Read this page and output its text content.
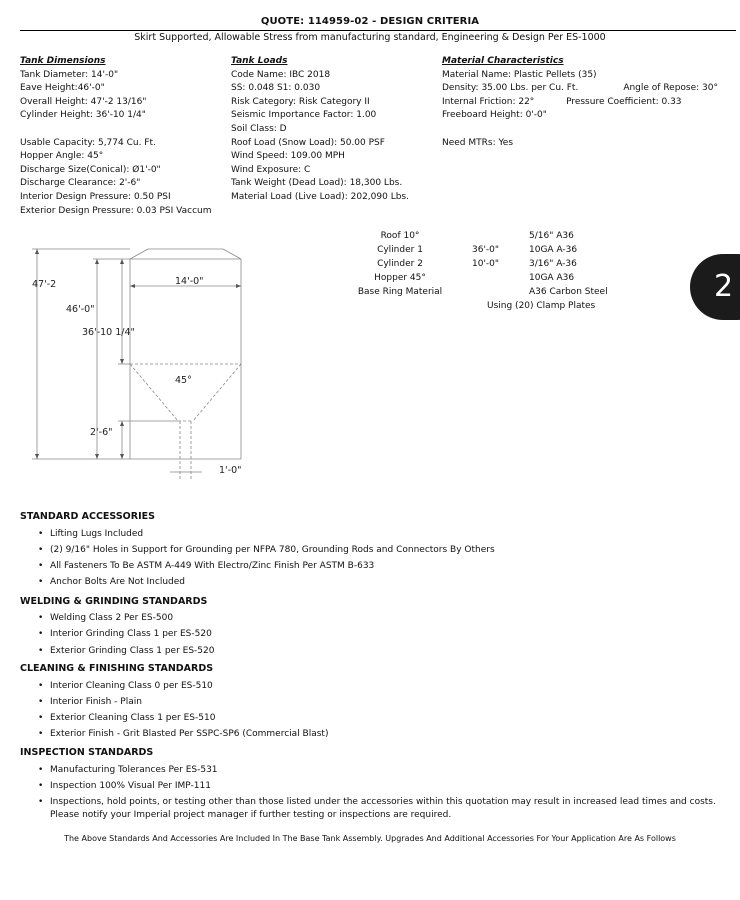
QUOTE: 114959-02 - DESIGN CRITERIA
Skirt Supported, Allowable Stress from manufacturing standard, Engineering & Design Per ES-1000
Tank Dimensions
Tank Diameter: 14'-0"
Eave Height:46'-0"
Overall Height: 47'-2 13/16"
Cylinder Height: 36'-10 1/4"
Usable Capacity: 5,774 Cu. Ft.
Hopper Angle: 45°
Discharge Size(Conical): Ø1'-0"
Discharge Clearance: 2'-6"
Interior Design Pressure: 0.50 PSI
Exterior Design Pressure: 0.03 PSI Vaccum
Tank Loads
Code Name: IBC 2018
SS: 0.048 S1: 0.030
Risk Category: Risk Category II
Seismic Importance Factor: 1.00
Soil Class: D
Roof Load (Snow Load): 50.00 PSF
Wind Speed: 109.00 MPH
Wind Exposure: C
Tank Weight (Dead Load): 18,300 Lbs.
Material Load (Live Load): 202,090 Lbs.
Material Characteristics
Material Name: Plastic Pellets (35)
Density: 35.00 Lbs. per Cu. Ft.	Angle of Repose: 30°
Internal Friction: 22°	Pressure Coefficient: 0.33
Freeboard Height: 0'-0"
Need MTRs: Yes
Roof 10°	5/16" A36
Cylinder 1	36'-0"	10GA A-36
Cylinder 2	10'-0"	3/16" A-36
Hopper 45°	10GA A36
Base Ring Material	A36 Carbon Steel
Using (20) Clamp Plates
2
47'-2
46'-0"
36'-10 1/4"
14'-0"
45°
2'-6"
1'-0"
STANDARD ACCESSORIES
• Lifting Lugs Included
• (2) 9/16" Holes in Support for Grounding per NFPA 780, Grounding Rods and Connectors By Others
• All Fasteners To Be ASTM A-449 With Electro/Zinc Finish Per ASTM B-633
• Anchor Bolts Are Not Included
WELDING & GRINDING STANDARDS
• Welding Class 2 Per ES-500
• Interior Grinding Class 1 per ES-520
• Exterior Grinding Class 1 per ES-520
CLEANING & FINISHING STANDARDS
• Interior Cleaning Class 0 per ES-510
• Interior Finish - Plain
• Exterior Cleaning Class 1 per ES-510
• Exterior Finish - Grit Blasted Per SSPC-SP6 (Commercial Blast)
INSPECTION STANDARDS
• Manufacturing Tolerances Per ES-531
• Inspection 100% Visual Per IMP-111
• Inspections, hold points, or testing other than those listed under the accessories within this quotation may result in increased lead times and costs. Please notify your Imperial project manager if further testing or inspections are required.
The Above Standards And Accessories Are Included In The Base Tank Assembly. Upgrades And Additional Accessories For Your Application Are As Follows
